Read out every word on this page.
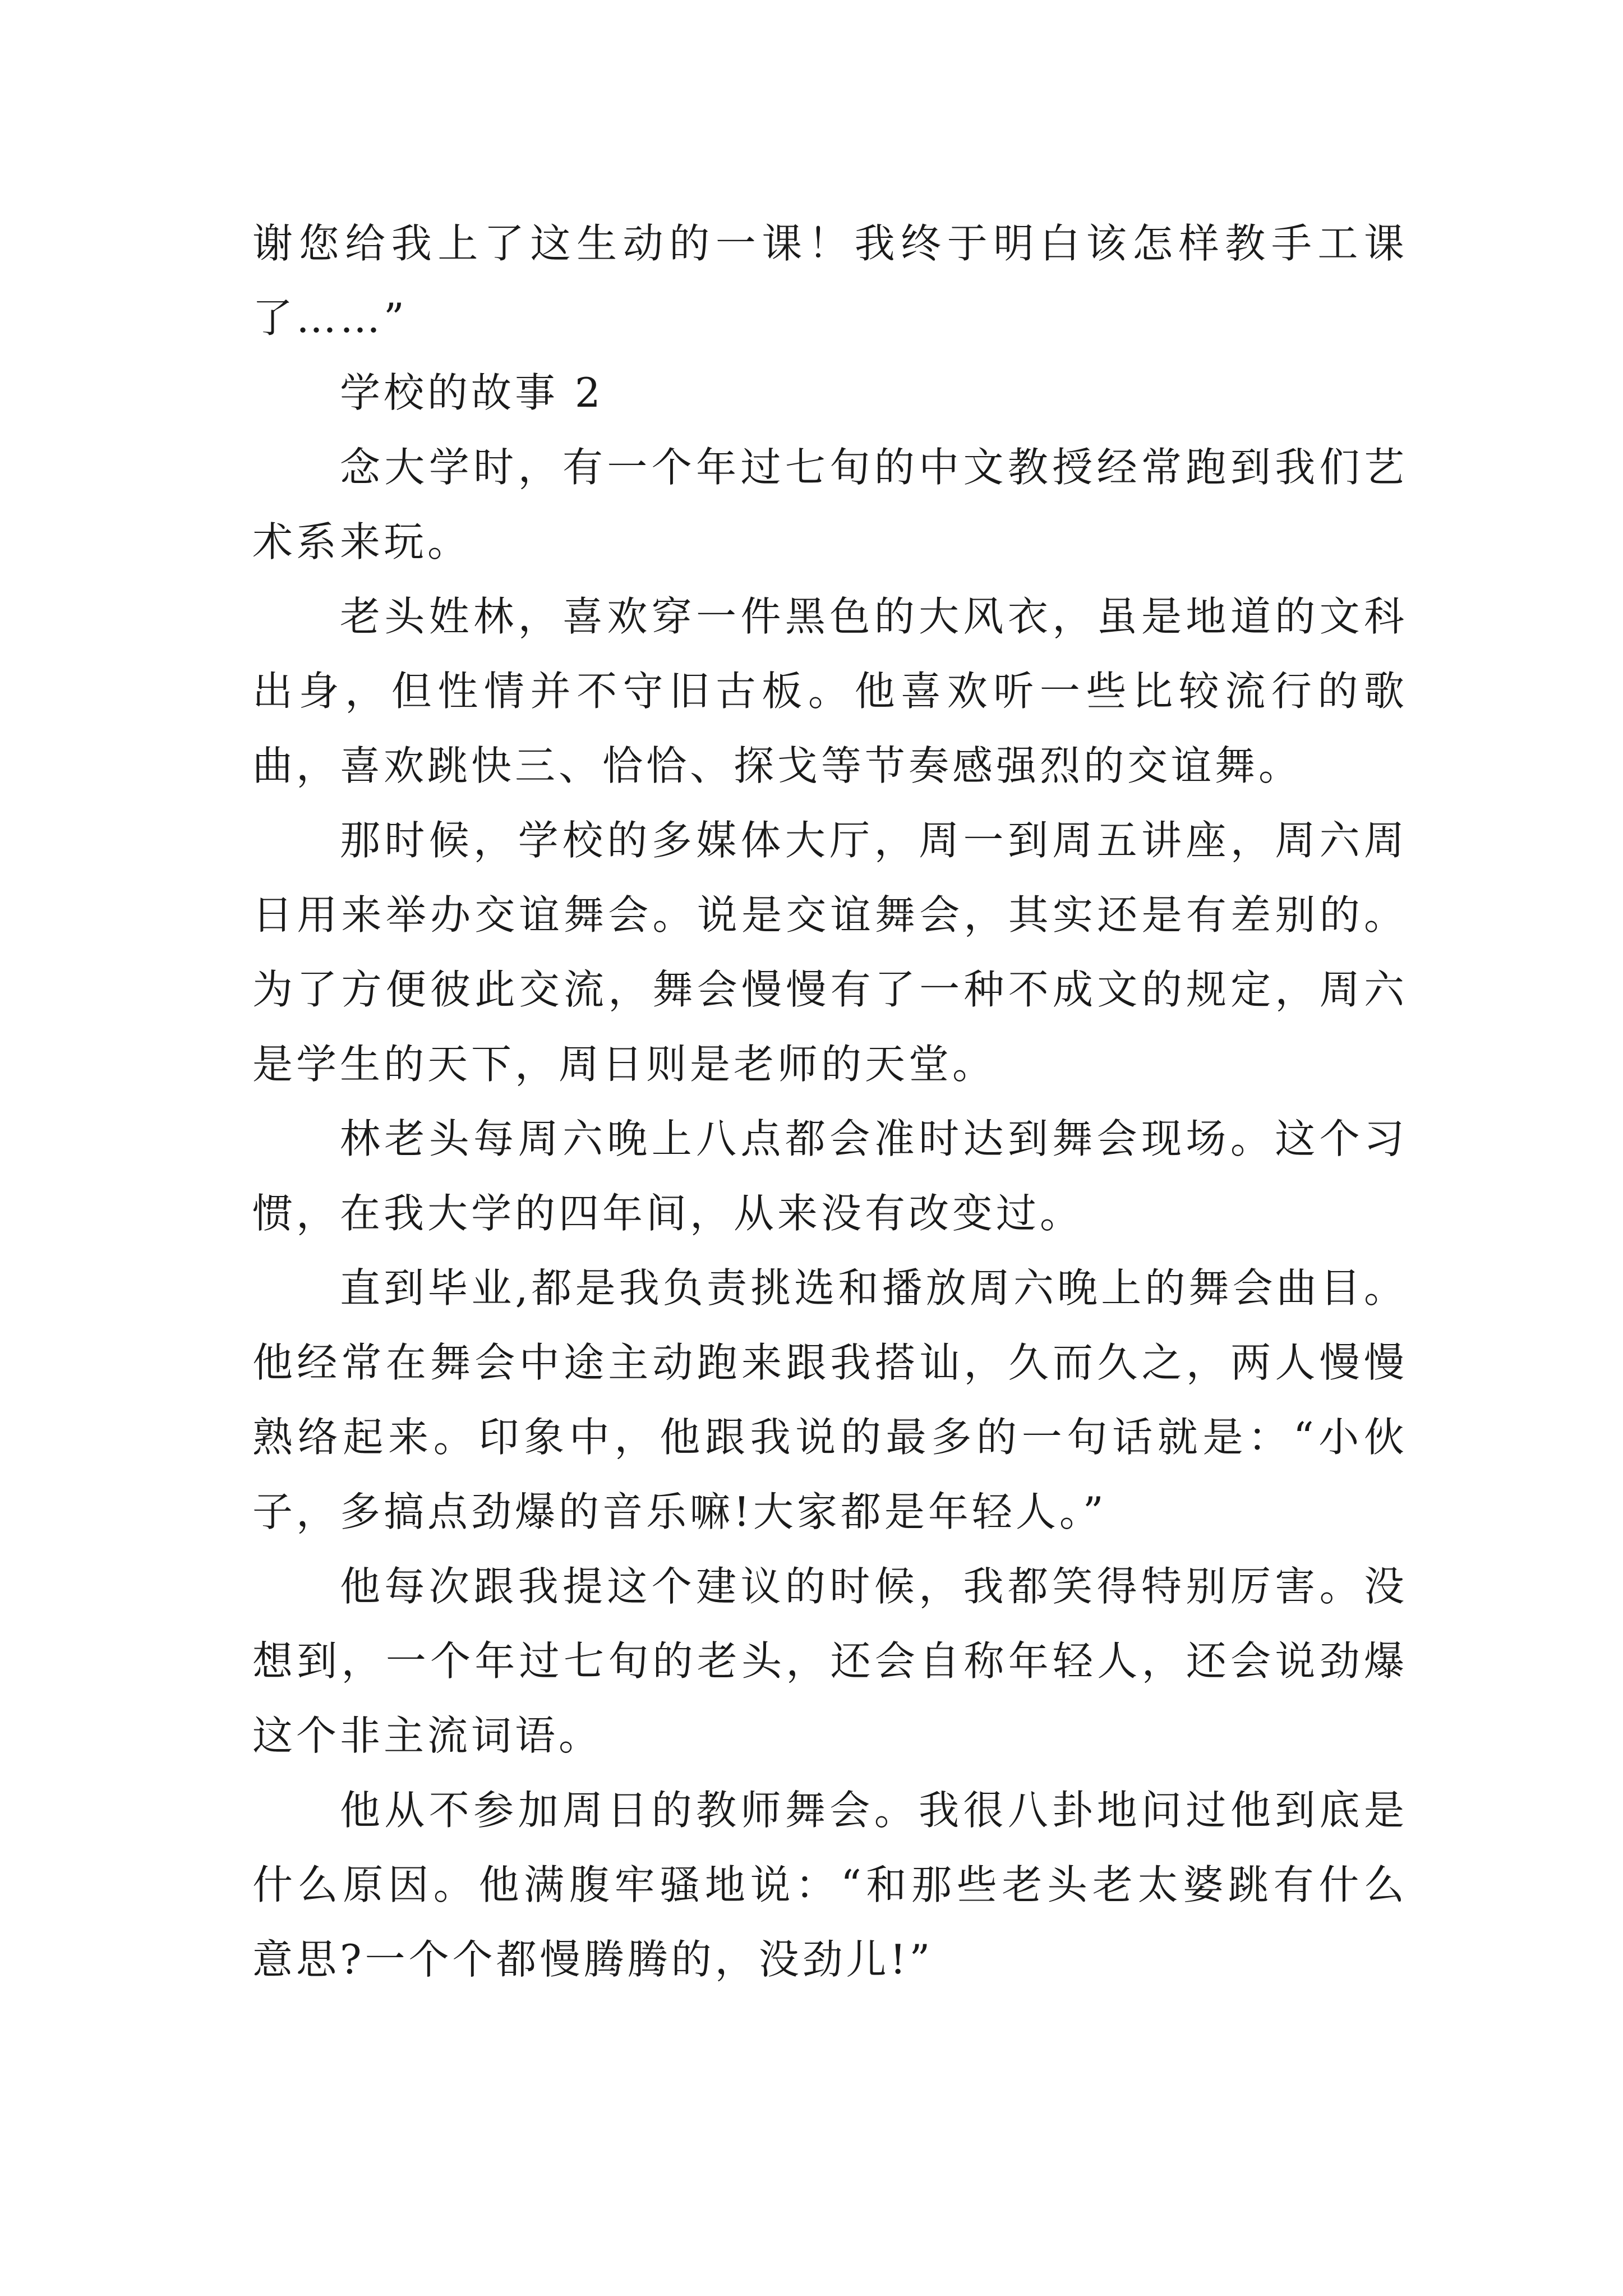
谢您给我上了这生动的一课！我终于明白该怎样教手工课了……”

学校的故事 2

念大学时，有一个年过七旬的中文教授经常跑到我们艺术系来玩。

老头姓林，喜欢穿一件黑色的大风衣，虽是地道的文科出身，但性情并不守旧古板。他喜欢听一些比较流行的歌曲，喜欢跳快三、恰恰、探戈等节奏感强烈的交谊舞。

那时候，学校的多媒体大厅，周一到周五讲座，周六周日用来举办交谊舞会。说是交谊舞会，其实还是有差别的。为了方便彼此交流，舞会慢慢有了一种不成文的规定，周六是学生的天下，周日则是老师的天堂。

林老头每周六晚上八点都会准时达到舞会现场。这个习惯，在我大学的四年间，从来没有改变过。

直到毕业,都是我负责挑选和播放周六晚上的舞会曲目。他经常在舞会中途主动跑来跟我搭讪，久而久之，两人慢慢熟络起来。印象中，他跟我说的最多的一句话就是：“小伙子，多搞点劲爆的音乐嘛!大家都是年轻人。”

他每次跟我提这个建议的时候，我都笑得特别厉害。没想到，一个年过七旬的老头，还会自称年轻人，还会说劲爆这个非主流词语。

他从不参加周日的教师舞会。我很八卦地问过他到底是什么原因。他满腹牢骚地说：“和那些老头老太婆跳有什么意思?一个个都慢腾腾的，没劲儿!”
